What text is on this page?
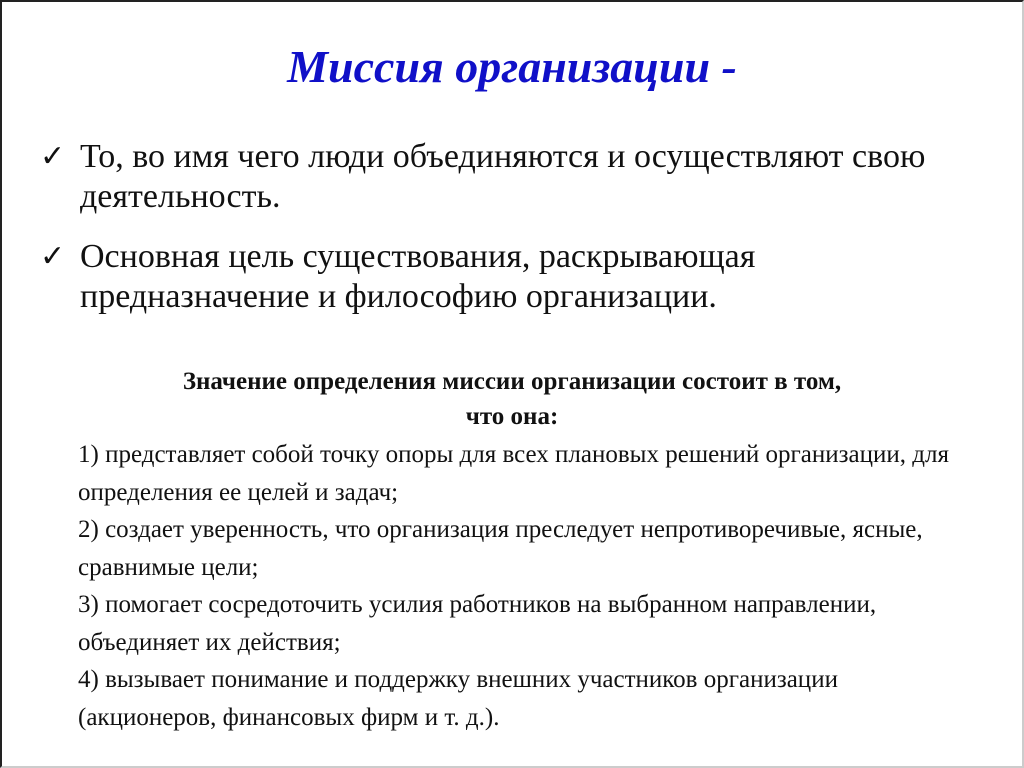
Миссия организации -
✓ То, во имя чего люди объединяются и осуществляют свою деятельность.
✓ Основная цель существования, раскрывающая предназначение и философию организации.
Значение определения миссии организации состоит в том,
что она:
1) представляет собой точку опоры для всех плановых решений организации, для определения ее целей и задач;
2) создает уверенность, что организация преследует непротиворечивые, ясные, сравнимые цели;
3) помогает сосредоточить усилия работников на выбранном направлении, объединяет их действия;
4) вызывает понимание и поддержку внешних участников организации (акционеров, финансовых фирм и т. д.).
